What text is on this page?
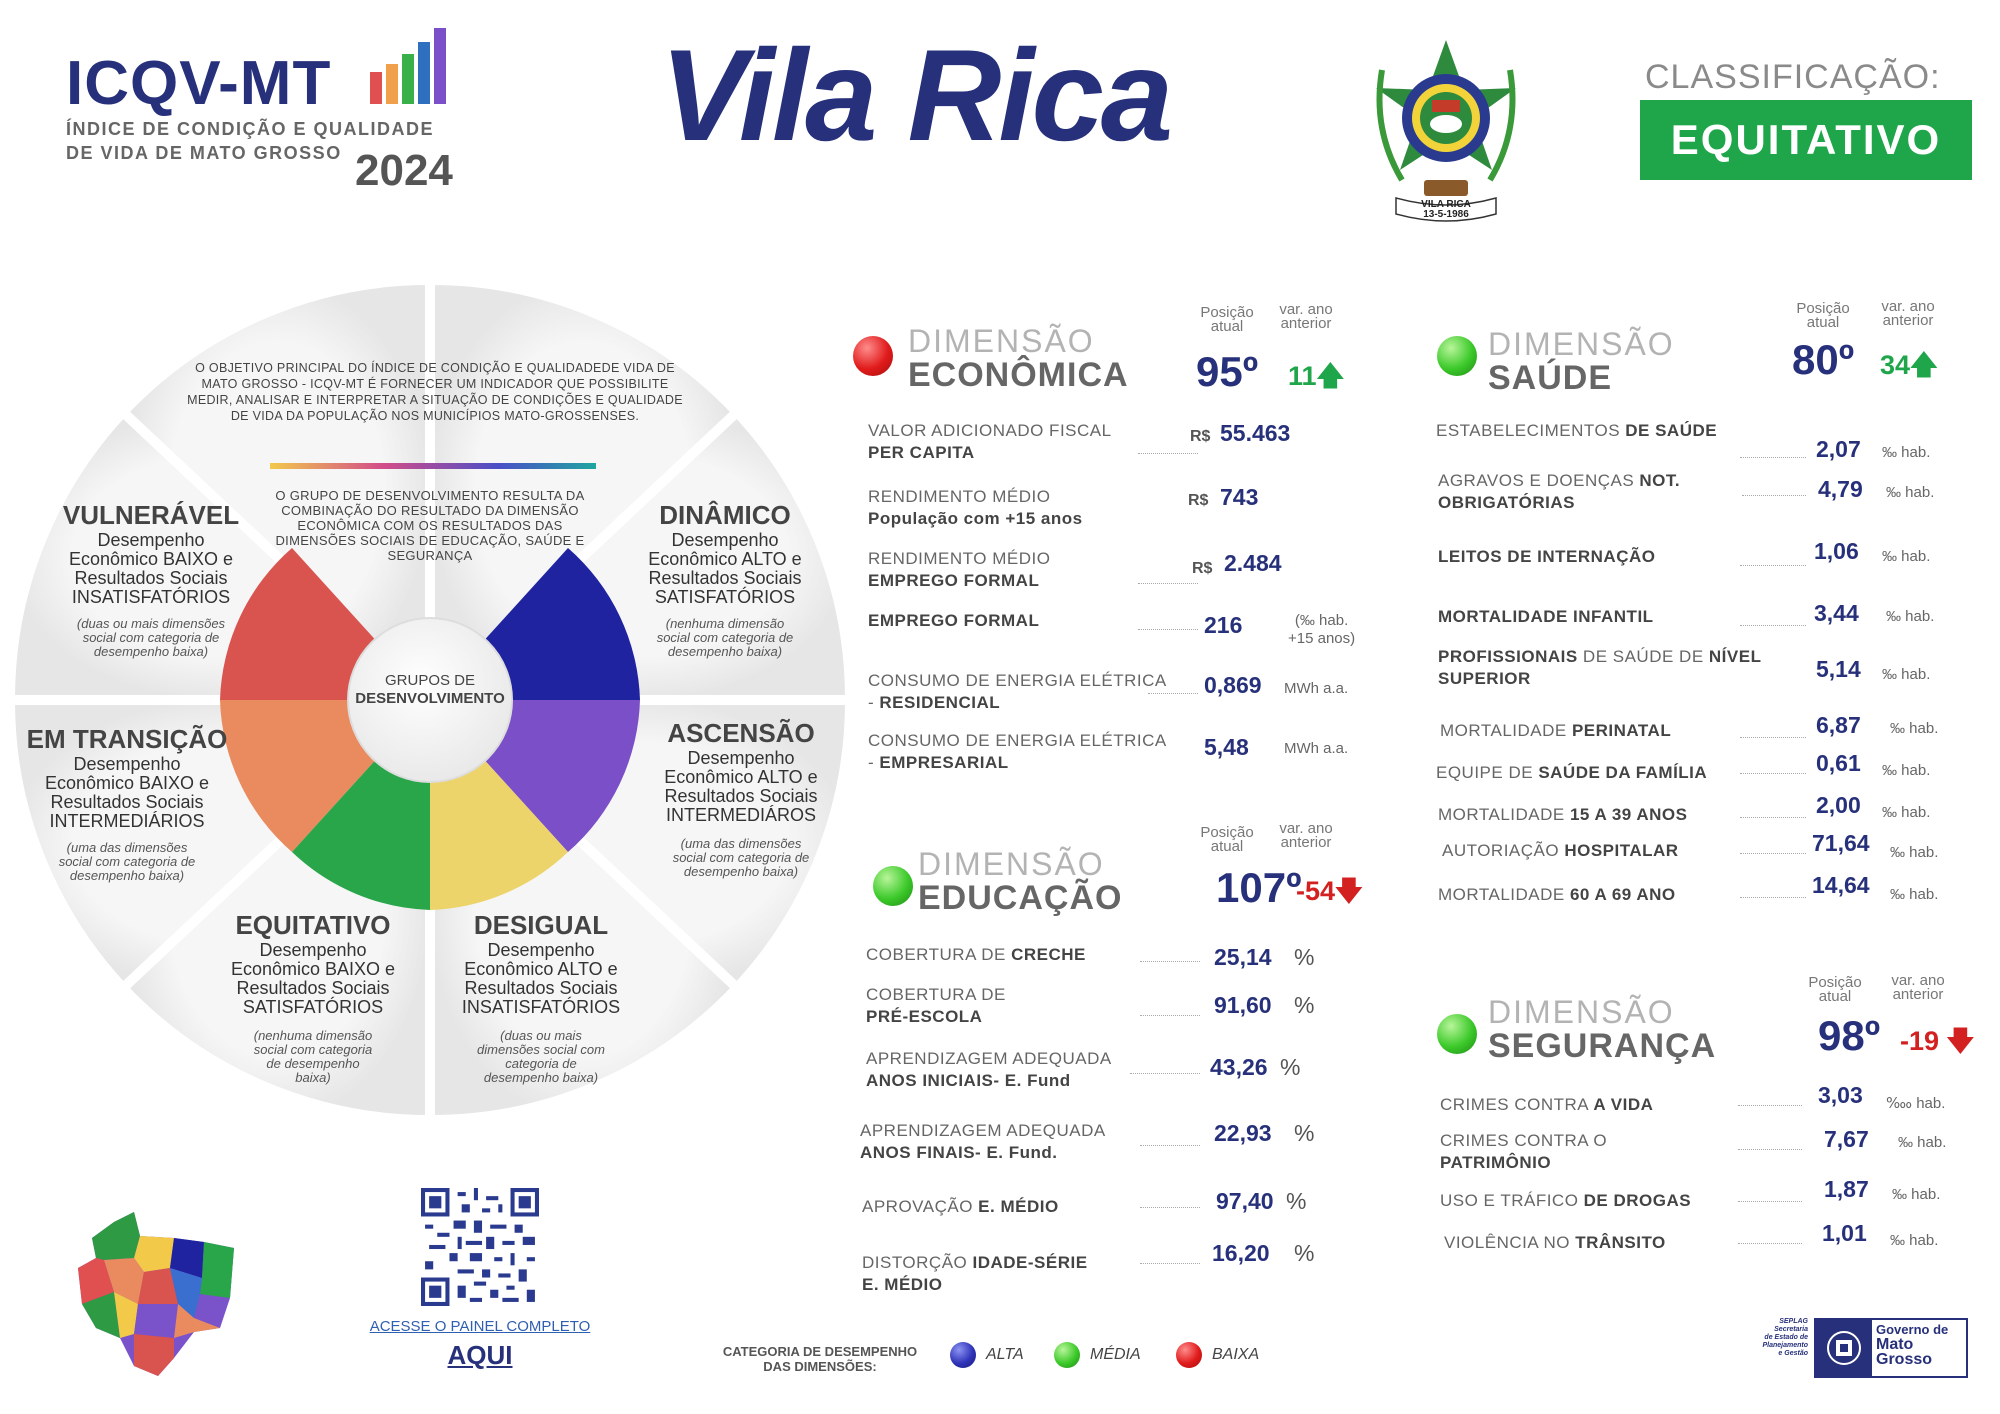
ICQV-MT
ÍNDICE DE CONDIÇÃO E QUALIDADE
DE VIDA DE MATO GROSSO 2024
Vila Rica
VILA RICA
13-5-1986
CLASSIFICAÇÃO:
EQUITATIVO
GRUPOS DE
DESENVOLVIMENTO
O OBJETIVO PRINCIPAL DO ÍNDICE DE CONDIÇÃO E QUALIDADEDE VIDA DE MATO GROSSO - ICQV-MT É FORNECER UM INDICADOR QUE POSSIBILITE MEDIR, ANALISAR E INTERPRETAR A SITUAÇÃO DE CONDIÇÕES E QUALIDADE DE VIDA DA POPULAÇÃO NOS MUNICÍPIOS MATO-GROSSENSES.
O GRUPO DE DESENVOLVIMENTO RESULTA DA COMBINAÇÃO DO RESULTADO DA DIMENSÃO ECONÔMICA COM OS RESULTADOS DAS DIMENSÕES SOCIAIS DE EDUCAÇÃO, SAÚDE E SEGURANÇA
VULNERÁVEL
Desempenho
Econômico BAIXO e
Resultados Sociais
INSATISFATÓRIOS
(duas ou mais dimensões social com categoria de desempenho baixa)
DINÂMICO
Desempenho
Econômico ALTO e
Resultados Sociais
SATISFATÓRIOS
(nenhuma dimensão social com categoria de desempenho baixa)
EM TRANSIÇÃO
Desempenho
Econômico BAIXO e
Resultados Sociais
INTERMEDIÁRIOS
(uma das dimensões social com categoria de desempenho baixa)
ASCENSÃO
Desempenho
Econômico ALTO e
Resultados Sociais
INTERMEDIÁROS
(uma das dimensões social com categoria de desempenho baixa)
EQUITATIVO
Desempenho
Econômico BAIXO e
Resultados Sociais
SATISFATÓRIOS
(nenhuma dimensão social com categoria de desempenho baixa)
DESIGUAL
Desempenho
Econômico ALTO e
Resultados Sociais
INSATISFATÓRIOS
(duas ou mais dimensões social com categoria de desempenho baixa)
DIMENSÃO
ECONÔMICA
Posição
atual
var. ano
anterior
95º 11🡅
VALOR ADICIONADO FISCAL
PER CAPITA
R$ 55.463
RENDIMENTO MÉDIO
População com +15 anos
R$ 743
RENDIMENTO MÉDIO
EMPREGO FORMAL
R$ 2.484
EMPREGO FORMAL	216	(‰ hab.
+15 anos)
CONSUMO DE ENERGIA ELÉTRICA
- RESIDENCIAL
0,869 MWh a.a.
CONSUMO DE ENERGIA ELÉTRICA
- EMPRESARIAL
5,48 MWh a.a.
DIMENSÃO
EDUCAÇÃO
Posição
atual
var. ano
anterior
107º
-54🡇
COBERTURA DE CRECHE	25,14 %
COBERTURA DE
PRÉ-ESCOLA	91,60 %
APRENDIZAGEM ADEQUADA
ANOS INICIAIS- E. Fund
43,26 %
APRENDIZAGEM ADEQUADA
ANOS FINAIS- E. Fund.
22,93 %
APROVAÇÃO E. MÉDIO	97,40 %
DISTORÇÃO IDADE-SÉRIE
E. MÉDIO
16,20 %
DIMENSÃO
SAÚDE
Posição
atual
var. ano
anterior
80º 34🡅
ESTABELECIMENTOS DE SAÚDE
2,07 ‰ hab.
AGRAVOS E DOENÇAS NOT.
OBRIGATÓRIAS
4,79 ‰ hab.
LEITOS DE INTERNAÇÃO	1,06 ‰ hab.
MORTALIDADE INFANTIL	3,44 ‰ hab.
PROFISSIONAIS DE SAÚDE DE NÍVEL
SUPERIOR	5,14 ‰ hab.
MORTALIDADE PERINATAL	6,87 ‰ hab.
EQUIPE DE SAÚDE DA FAMÍLIA	0,61 ‰ hab.
MORTALIDADE 15 A 39 ANOS	2,00 ‰ hab.
AUTORIAÇÃO HOSPITALAR	71,64 ‰ hab.
MORTALIDADE 60 A 69 ANO	14,64 ‰ hab.
DIMENSÃO
SEGURANÇA
Posição
atual
var. ano
anterior
98º -19 🡇
CRIMES CONTRA A VIDA	3,03 ‱ hab.
CRIMES CONTRA O
PATRIMÔNIO
7,67 ‰ hab.
USO E TRÁFICO DE DROGAS	1,87 ‰ hab.
VIOLÊNCIA NO TRÂNSITO	1,01 ‰ hab.
ACESSE O PAINEL COMPLETO
AQUI	CATEGORIA DE DESEMPENHO
DAS DIMENSÕES:
ALTA	MÉDIA	BAIXA
SEPLAG
Secretaria
de Estado de
Planejamento
e Gestão
Governo de
Mato
Grosso
